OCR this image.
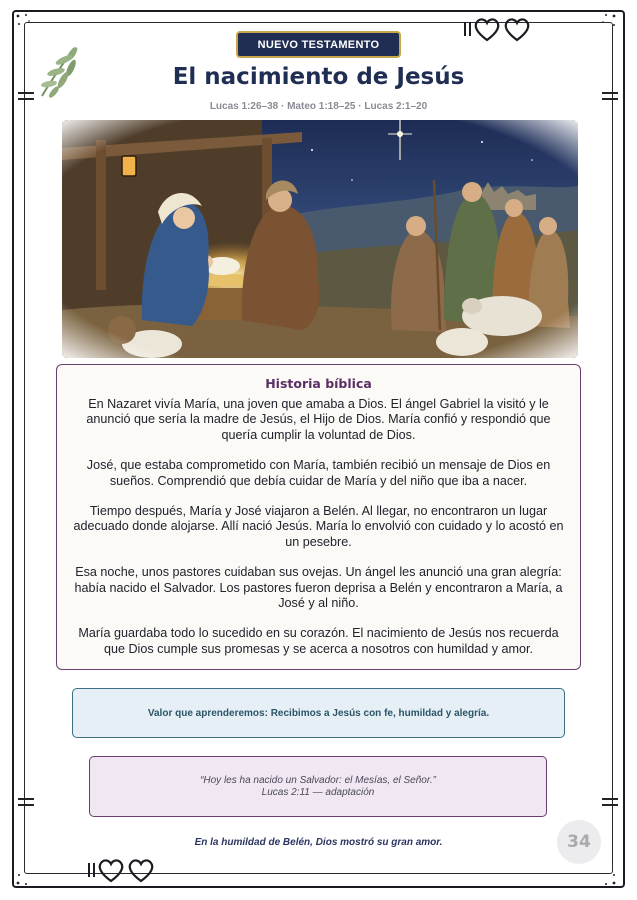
NUEVO TESTAMENTO
El nacimiento de Jesús
Lucas 1:26–38 · Mateo 1:18–25 · Lucas 2:1–20
Historia bíblica

En Nazaret vivía María, una joven que amaba a Dios. El ángel Gabriel la visitó y le anunció que sería la madre de Jesús, el Hijo de Dios. María confió y respondió que quería cumplir la voluntad de Dios.

José, que estaba comprometido con María, también recibió un mensaje de Dios en sueños. Comprendió que debía cuidar de María y del niño que iba a nacer.

Tiempo después, María y José viajaron a Belén. Al llegar, no encontraron un lugar adecuado donde alojarse. Allí nació Jesús. María lo envolvió con cuidado y lo acostó en un pesebre.

Esa noche, unos pastores cuidaban sus ovejas. Un ángel les anunció una gran alegría: había nacido el Salvador. Los pastores fueron deprisa a Belén y encontraron a María, a José y al niño.

María guardaba todo lo sucedido en su corazón. El nacimiento de Jesús nos recuerda que Dios cumple sus promesas y se acerca a nosotros con humildad y amor.

Valor que aprenderemos: Recibimos a Jesús con fe, humildad y alegría.
“Hoy les ha nacido un Salvador: el Mesías, el Señor.”
Lucas 2:11 — adaptación
En la humildad de Belén, Dios mostró su gran amor.	34
